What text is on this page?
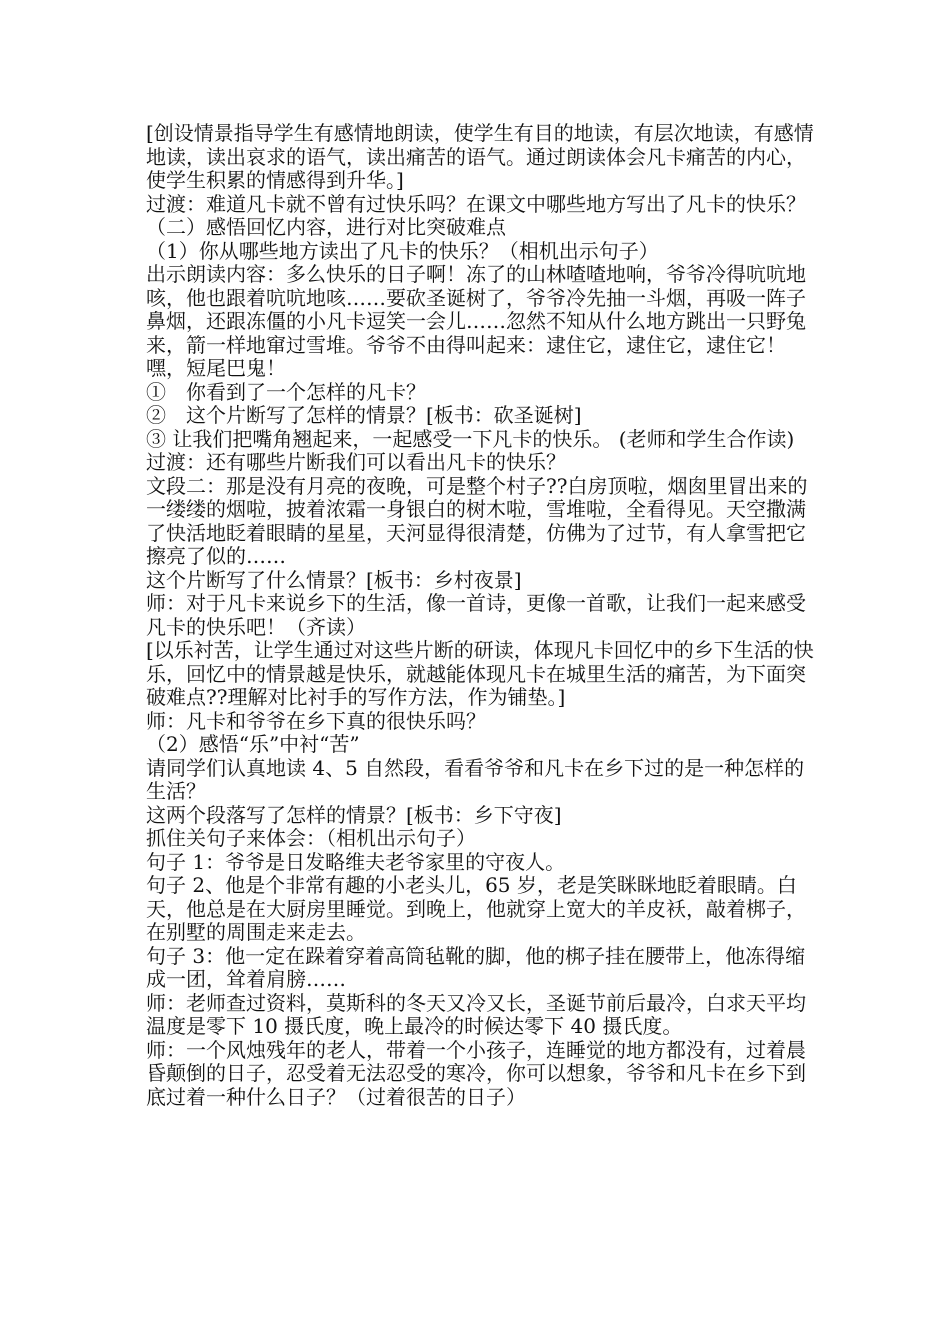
[创设情景指导学生有感情地朗读，使学生有目的地读，有层次地读，有感情地读，读出哀求的语气，读出痛苦的语气。通过朗读体会凡卡痛苦的内心，使学生积累的情感得到升华。]

过渡：难道凡卡就不曾有过快乐吗？在课文中哪些地方写出了凡卡的快乐？

（二）感悟回忆内容，进行对比突破难点

（1）你从哪些地方读出了凡卡的快乐？（相机出示句子）

出示朗读内容：多么快乐的日子啊！冻了的山林喳喳地响，爷爷冷得吭吭地咳，他也跟着吭吭地咳……要砍圣诞树了，爷爷冷先抽一斗烟，再吸一阵子鼻烟，还跟冻僵的小凡卡逗笑一会儿……忽然不知从什么地方跳出一只野兔来，箭一样地窜过雪堆。爷爷不由得叫起来：逮住它，逮住它，逮住它！嘿，短尾巴鬼！

①　你看到了一个怎样的凡卡？

②　这个片断写了怎样的情景？[板书：砍圣诞树]

③ 让我们把嘴角翘起来，一起感受一下凡卡的快乐。 (老师和学生合作读)

过渡：还有哪些片断我们可以看出凡卡的快乐？

文段二：那是没有月亮的夜晚，可是整个村子??白房顶啦，烟囱里冒出来的一缕缕的烟啦，披着浓霜一身银白的树木啦，雪堆啦，全看得见。天空撒满了快活地眨着眼睛的星星，天河显得很清楚，仿佛为了过节，有人拿雪把它擦亮了似的……

这个片断写了什么情景？[板书：乡村夜景]

师：对于凡卡来说乡下的生活，像一首诗，更像一首歌，让我们一起来感受凡卡的快乐吧！（齐读）

[以乐衬苦，让学生通过对这些片断的研读，体现凡卡回忆中的乡下生活的快乐，回忆中的情景越是快乐，就越能体现凡卡在城里生活的痛苦，为下面突破难点??理解对比衬手的写作方法，作为铺垫。]

师：凡卡和爷爷在乡下真的很快乐吗？

（2）感悟“乐”中衬“苦”

请同学们认真地读 4、5 自然段，看看爷爷和凡卡在乡下过的是一种怎样的生活？

这两个段落写了怎样的情景？[板书：乡下守夜]

抓住关句子来体会：（相机出示句子）

句子 1：爷爷是日发略维夫老爷家里的守夜人。

句子 2、他是个非常有趣的小老头儿，65 岁，老是笑眯眯地眨着眼睛。白天，他总是在大厨房里睡觉。到晚上，他就穿上宽大的羊皮袄，敲着梆子，在别墅的周围走来走去。

句子 3：他一定在跺着穿着高筒毡靴的脚，他的梆子挂在腰带上，他冻得缩成一团，耸着肩膀……

师：老师查过资料，莫斯科的冬天又冷又长，圣诞节前后最冷，白求天平均温度是零下 10 摄氏度，晚上最冷的时候达零下 40 摄氏度。

师：一个风烛残年的老人，带着一个小孩子，连睡觉的地方都没有，过着晨昏颠倒的日子，忍受着无法忍受的寒冷，你可以想象，爷爷和凡卡在乡下到底过着一种什么日子？（过着很苦的日子）
